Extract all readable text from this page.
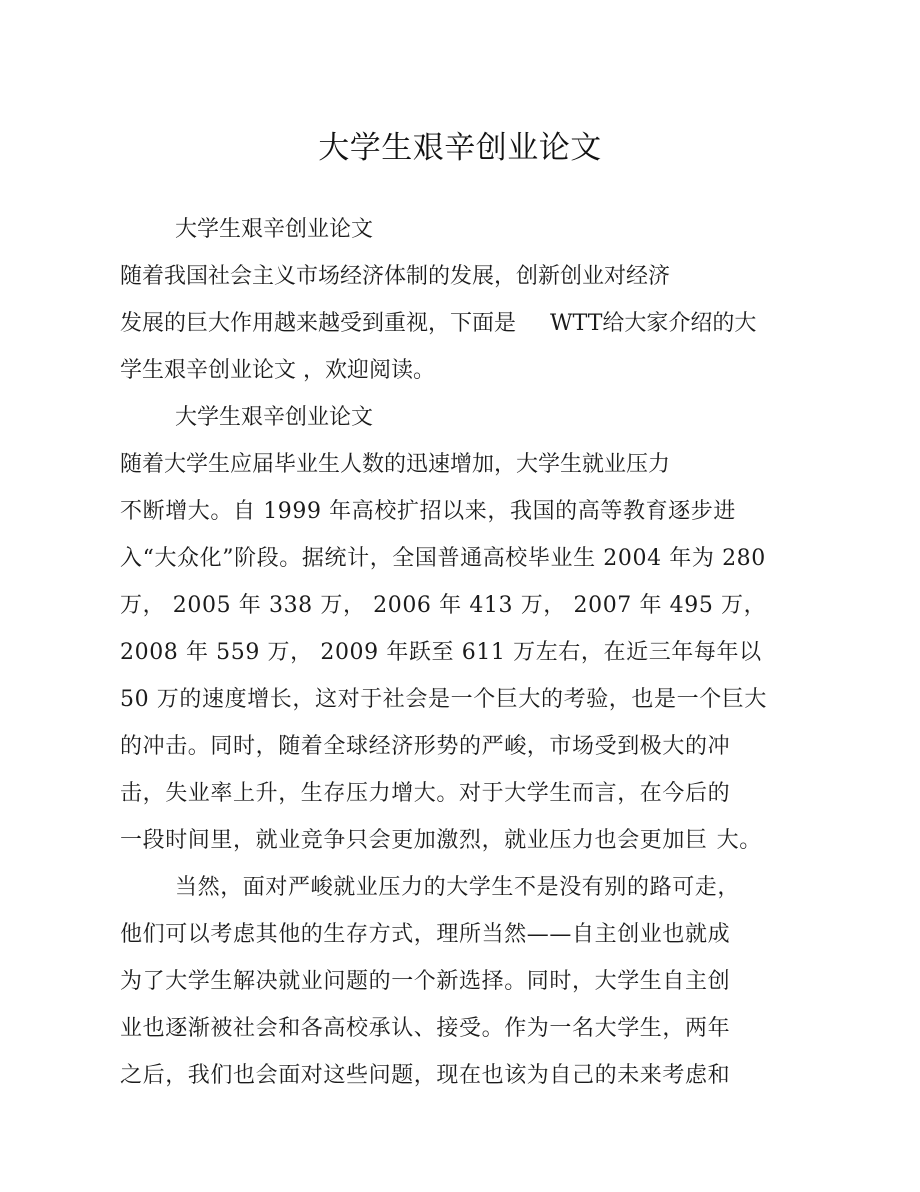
大学生艰辛创业论文
大学生艰辛创业论文
随着我国社会主义市场经济体制的发展，创新创业对经济
发展的巨大作用越来越受到重视，下面是 WTT给大家介绍的大
学生艰辛创业论文 ，欢迎阅读。
大学生艰辛创业论文
随着大学生应届毕业生人数的迅速增加，大学生就业压力
不断增大。自 1999 年高校扩招以来，我国的高等教育逐步进
入“大众化”阶段。据统计，全国普通高校毕业生 2004 年为 280
万， 2005 年 338 万， 2006 年 413 万， 2007 年 495 万，
2008 年 559 万， 2009 年跃至 611 万左右，在近三年每年以
50 万的速度增长，这对于社会是一个巨大的考验，也是一个巨大
的冲击。同时，随着全球经济形势的严峻，市场受到极大的冲
击，失业率上升，生存压力增大。对于大学生而言，在今后的
一段时间里，就业竞争只会更加激烈，就业压力也会更加巨 大。
当然，面对严峻就业压力的大学生不是没有别的路可走，
他们可以考虑其他的生存方式，理所当然——自主创业也就成
为了大学生解决就业问题的一个新选择。同时，大学生自主创
业也逐渐被社会和各高校承认、接受。作为一名大学生，两年
之后，我们也会面对这些问题，现在也该为自己的未来考虑和
